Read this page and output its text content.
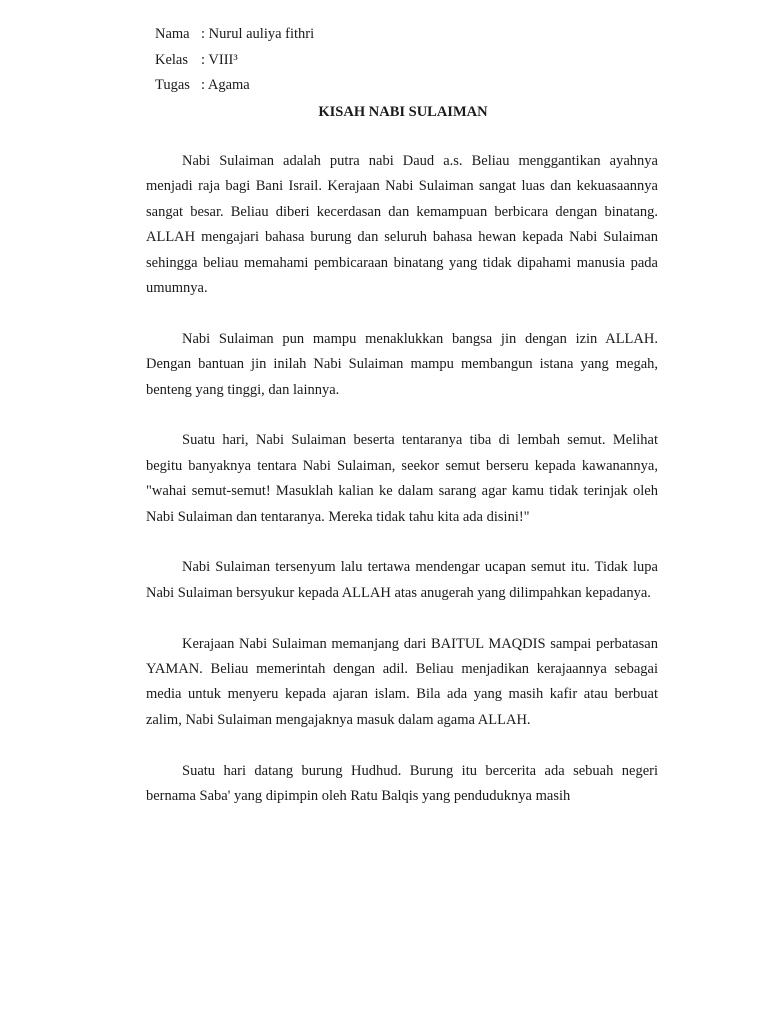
Nama : Nurul auliya fithri
Kelas : VIII³
Tugas : Agama
KISAH NABI SULAIMAN

Nabi Sulaiman adalah putra nabi Daud a.s. Beliau menggantikan ayahnya menjadi raja bagi Bani Israil. Kerajaan Nabi Sulaiman sangat luas dan kekuasaannya sangat besar. Beliau diberi kecerdasan dan kemampuan berbicara dengan binatang. ALLAH mengajari bahasa burung dan seluruh bahasa hewan kepada Nabi Sulaiman sehingga beliau memahami pembicaraan binatang yang tidak dipahami manusia pada umumnya.

Nabi Sulaiman pun mampu menaklukkan bangsa jin dengan izin ALLAH. Dengan bantuan jin inilah Nabi Sulaiman mampu membangun istana yang megah, benteng yang tinggi, dan lainnya.

Suatu hari, Nabi Sulaiman beserta tentaranya tiba di lembah semut. Melihat begitu banyaknya tentara Nabi Sulaiman, seekor semut berseru kepada kawanannya, "wahai semut-semut! Masuklah kalian ke dalam sarang agar kamu tidak terinjak oleh Nabi Sulaiman dan tentaranya. Mereka tidak tahu kita ada disini!"

Nabi Sulaiman tersenyum lalu tertawa mendengar ucapan semut itu. Tidak lupa Nabi Sulaiman bersyukur kepada ALLAH atas anugerah yang dilimpahkan kepadanya.

Kerajaan Nabi Sulaiman memanjang dari BAITUL MAQDIS sampai perbatasan YAMAN. Beliau memerintah dengan adil. Beliau menjadikan kerajaannya sebagai media untuk menyeru kepada ajaran islam. Bila ada yang masih kafir atau berbuat zalim, Nabi Sulaiman mengajaknya masuk dalam agama ALLAH.

Suatu hari datang burung Hudhud. Burung itu bercerita ada sebuah negeri bernama Saba' yang dipimpin oleh Ratu Balqis yang penduduknya masih
